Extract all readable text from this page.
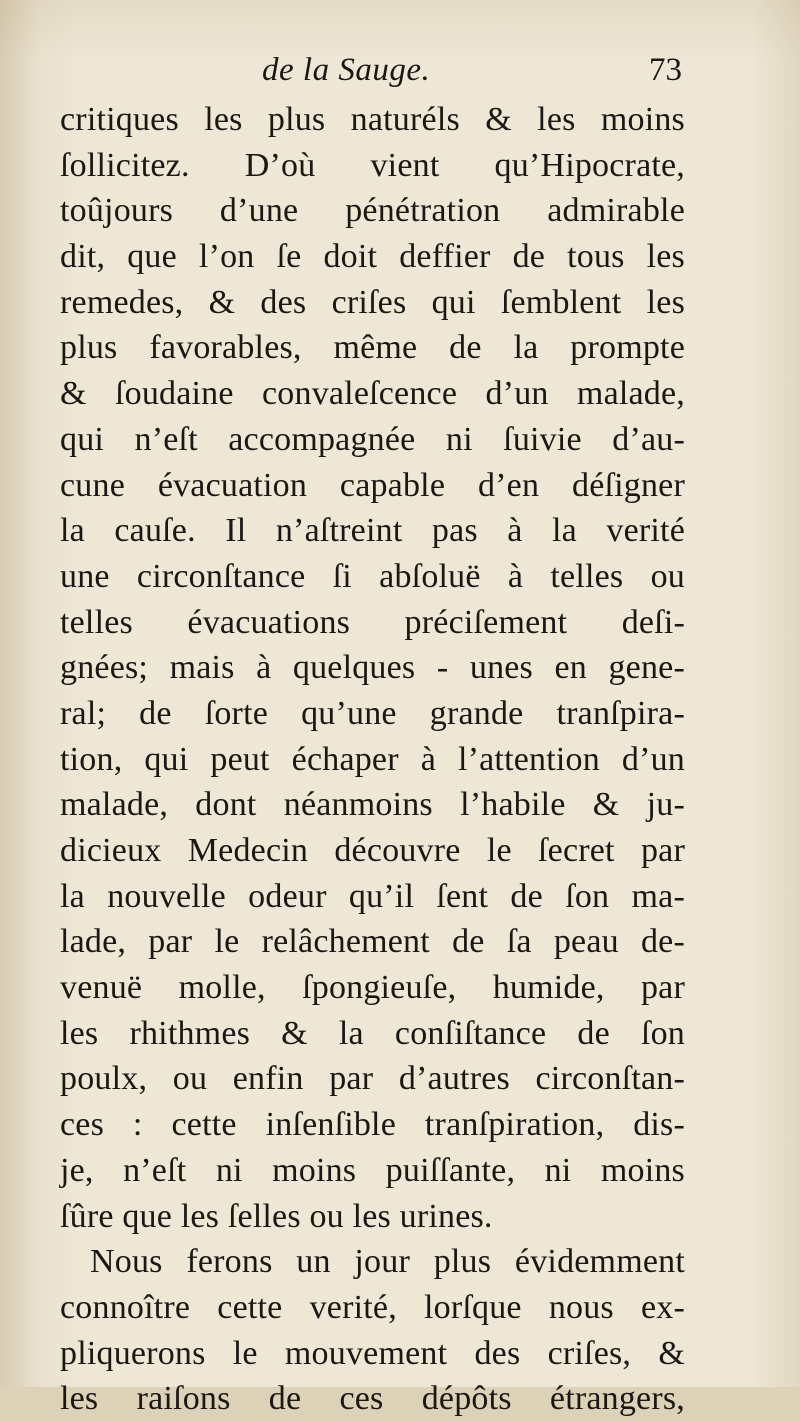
de la Sauge.	73
critiques les plus naturéls & les moins
ſollicitez. D’où vient qu’Hipocrate,
toûjours d’une pénétration admirable
dit, que l’on ſe doit deffier de tous les
remedes, & des criſes qui ſemblent les
plus favorables, même de la prompte
& ſoudaine convaleſcence d’un malade,
qui n’eſt accompagnée ni ſuivie d’au-
cune évacuation capable d’en déſigner
la cauſe. Il n’aſtreint pas à la verité
une circonſtance ſi abſoluë à telles ou
telles évacuations préciſement deſi-
gnées; mais à quelques - unes en gene-
ral; de ſorte qu’une grande tranſpira-
tion, qui peut échaper à l’attention d’un
malade, dont néanmoins l’habile & ju-
dicieux Medecin découvre le ſecret par
la nouvelle odeur qu’il ſent de ſon ma-
lade, par le relâchement de ſa peau de-
venuë molle, ſpongieuſe, humide, par
les rhithmes & la conſiſtance de ſon
poulx, ou enfin par d’autres circonſtan-
ces : cette inſenſible tranſpiration, dis-
je, n’eſt ni moins puiſſante, ni moins
ſûre que les ſelles ou les urines.
Nous ferons un jour plus évidemment
connoître cette verité, lorſque nous ex-
pliquerons le mouvement des criſes, &
les raiſons de ces dépôts étrangers,
